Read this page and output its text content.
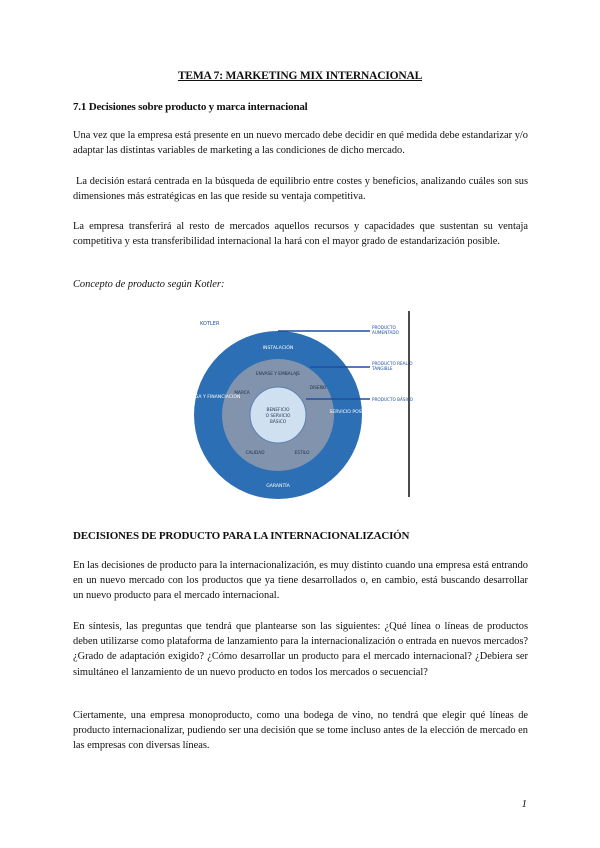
TEMA 7: MARKETING MIX INTERNACIONAL
7.1 Decisiones sobre producto y marca internacional

Una vez que la empresa está presente en un nuevo mercado debe decidir en qué medida debe estandarizar y/o adaptar las distintas variables de marketing a las condiciones de dicho mercado.

La decisión estará centrada en la búsqueda de equilibrio entre costes y beneficios, analizando cuáles son sus dimensiones más estratégicas en las que reside su ventaja competitiva.

La empresa transferirá al resto de mercados aquellos recursos y capacidades que sustentan su ventaja competitiva y esta transferibilidad internacional la hará con el mayor grado de estandarización posible.

Concepto de producto según Kotler:

KOTLER
INSTALACIÓN
ENTREGA Y FINANCIACIÓN
SERVICIO POST-VENTA
GARANTÍA
ENVASE Y EMBALAJE
MARCA
DISEÑO
CALIDAD	ESTILO
BENEFICIO
O SERVICIO
BÁSICO
PRODUCTO AUMENTADO
PRODUCTO REAL O TANGIBLE
PRODUCTO BÁSICO
DECISIONES DE PRODUCTO PARA LA INTERNACIONALIZACIÓN

En las decisiones de producto para la internacionalización, es muy distinto cuando una empresa está entrando en un nuevo mercado con los productos que ya tiene desarrollados o, en cambio, está buscando desarrollar un nuevo producto para el mercado internacional.

En síntesis, las preguntas que tendrá que plantearse son las siguientes: ¿Qué línea o líneas de productos deben utilizarse como plataforma de lanzamiento para la internacionalización o entrada en nuevos mercados? ¿Grado de adaptación exigido? ¿Cómo desarrollar un producto para el mercado internacional? ¿Debiera ser simultáneo el lanzamiento de un nuevo producto en todos los mercados o secuencial?

Ciertamente, una empresa monoproducto, como una bodega de vino, no tendrá que elegir qué líneas de producto internacionalizar, pudiendo ser una decisión que se tome incluso antes de la elección de mercado en las empresas con diversas líneas.

1
